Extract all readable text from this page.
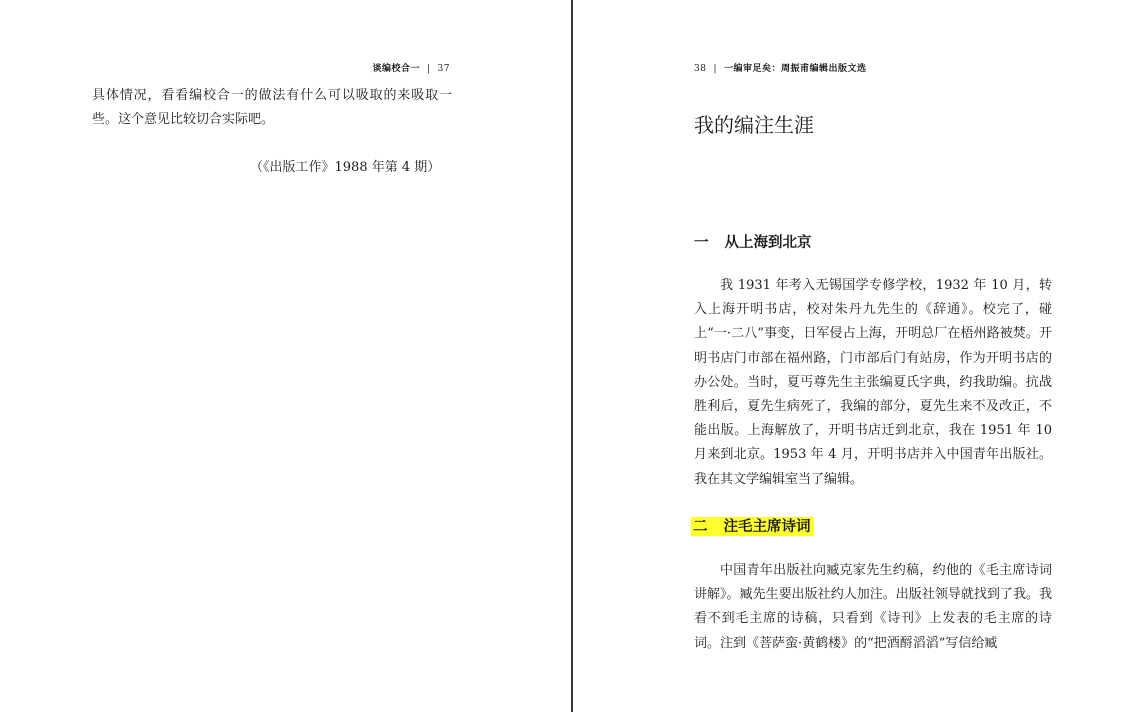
谈编校合一 | 37
具体情况，看看编校合一的做法有什么可以吸取的来吸取一些。这个意见比较切合实际吧。
（《出版工作》1988 年第 4 期）
38 | 一编审足矣：周振甫编辑出版文选
我的编注生涯
一 从上海到北京
我 1931 年考入无锡国学专修学校，1932 年 10 月，转入上海开明书店，校对朱丹九先生的《辞通》。校完了，碰上“一·二八”事变，日军侵占上海，开明总厂在梧州路被焚。开明书店门市部在福州路，门市部后门有站房，作为开明书店的办公处。当时，夏丐尊先生主张编夏氏字典，约我助编。抗战胜利后，夏先生病死了，我编的部分，夏先生来不及改正，不能出版。上海解放了，开明书店迁到北京，我在 1951 年 10 月来到北京。1953 年 4 月，开明书店并入中国青年出版社。我在其文学编辑室当了编辑。
二 注毛主席诗词
中国青年出版社向臧克家先生约稿，约他的《毛主席诗词讲解》。臧先生要出版社约人加注。出版社领导就找到了我。我看不到毛主席的诗稿，只看到《诗刊》上发表的毛主席的诗词。注到《菩萨蛮·黄鹤楼》的“把酒酹滔滔”写信给臧
